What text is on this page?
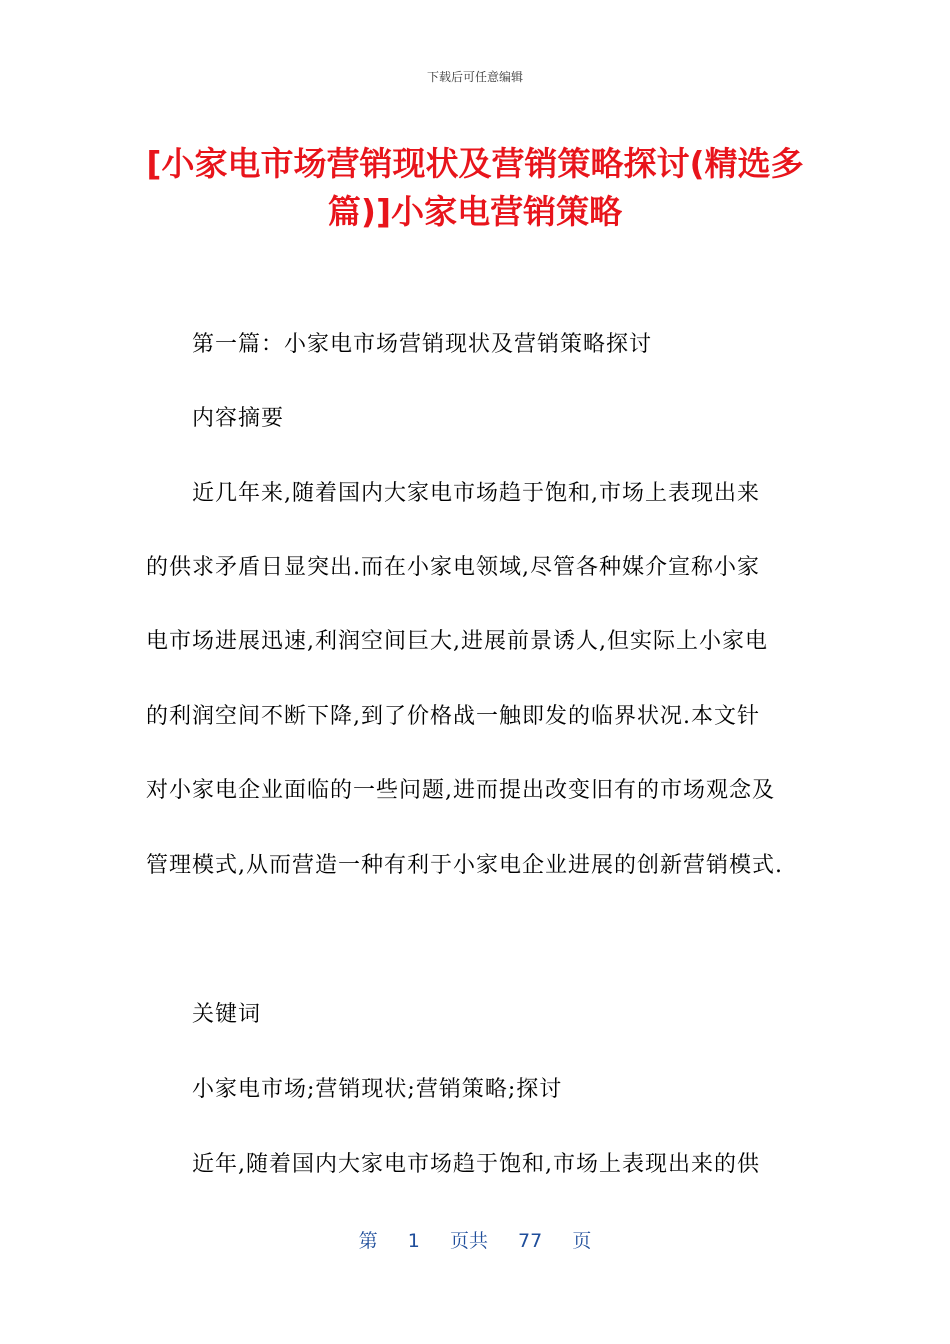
下载后可任意编辑
[小家电市场营销现状及营销策略探讨(精选多篇)]小家电营销策略
第一篇：小家电市场营销现状及营销策略探讨
内容摘要
近几年来,随着国内大家电市场趋于饱和,市场上表现出来
的供求矛盾日显突出.而在小家电领域,尽管各种媒介宣称小家
电市场进展迅速,利润空间巨大,进展前景诱人,但实际上小家电
的利润空间不断下降,到了价格战一触即发的临界状况.本文针
对小家电企业面临的一些问题,进而提出改变旧有的市场观念及
管理模式,从而营造一种有利于小家电企业进展的创新营销模式.
关键词
小家电市场;营销现状;营销策略;探讨
近年,随着国内大家电市场趋于饱和,市场上表现出来的供
第 1 页共 77 页
